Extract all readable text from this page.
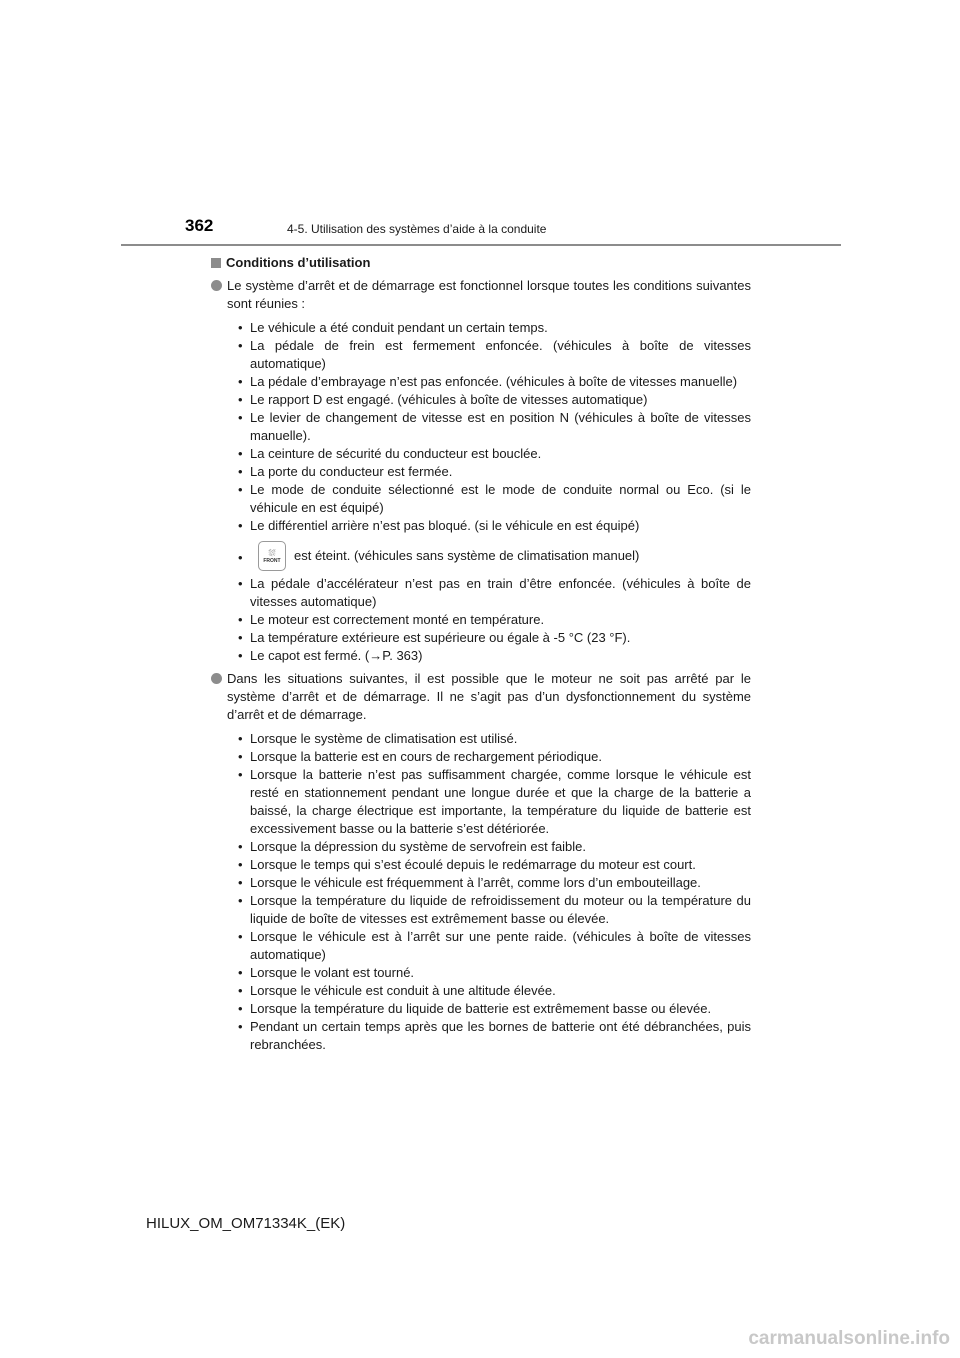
362	4-5. Utilisation des systèmes d’aide à la conduite
Conditions d’utilisation
Le système d’arrêt et de démarrage est fonctionnel lorsque toutes les conditions suivantes sont réunies :
• Le véhicule a été conduit pendant un certain temps.
• La pédale de frein est fermement enfoncée. (véhicules à boîte de vitesses automatique)
• La pédale d’embrayage n’est pas enfoncée. (véhicules à boîte de vitesses manuelle)
• Le rapport D est engagé. (véhicules à boîte de vitesses automatique)
• Le levier de changement de vitesse est en position N (véhicules à boîte de vitesses manuelle).
• La ceinture de sécurité du conducteur est bouclée.
• La porte du conducteur est fermée.
• Le mode de conduite sélectionné est le mode de conduite normal ou Eco. (si le véhicule en est équipé)
• Le différentiel arrière n’est pas bloqué. (si le véhicule en est équipé)
•	⛆
FRONT est éteint. (véhicules sans système de climatisation manuel)
• La pédale d’accélérateur n’est pas en train d’être enfoncée. (véhicules à boîte de vitesses automatique)
• Le moteur est correctement monté en température.
• La température extérieure est supérieure ou égale à -5 °C (23 °F).
• Le capot est fermé. (→P. 363)
Dans les situations suivantes, il est possible que le moteur ne soit pas arrêté par le système d’arrêt et de démarrage. Il ne s’agit pas d’un dysfonctionnement du système d’arrêt et de démarrage.
• Lorsque le système de climatisation est utilisé.
• Lorsque la batterie est en cours de rechargement périodique.
• Lorsque la batterie n’est pas suffisamment chargée, comme lorsque le véhicule est resté en stationnement pendant une longue durée et que la charge de la batterie a baissé, la charge électrique est importante, la température du liquide de batterie est excessivement basse ou la batterie s’est détériorée.
• Lorsque la dépression du système de servofrein est faible.
• Lorsque le temps qui s’est écoulé depuis le redémarrage du moteur est court.
• Lorsque le véhicule est fréquemment à l’arrêt, comme lors d’un embouteillage.
• Lorsque la température du liquide de refroidissement du moteur ou la température du liquide de boîte de vitesses est extrêmement basse ou élevée.
• Lorsque le véhicule est à l’arrêt sur une pente raide. (véhicules à boîte de vitesses automatique)
• Lorsque le volant est tourné.
• Lorsque le véhicule est conduit à une altitude élevée.
• Lorsque la température du liquide de batterie est extrêmement basse ou élevée.
• Pendant un certain temps après que les bornes de batterie ont été débranchées, puis rebranchées.
HILUX_OM_OM71334K_(EK)
carmanualsonline.info
